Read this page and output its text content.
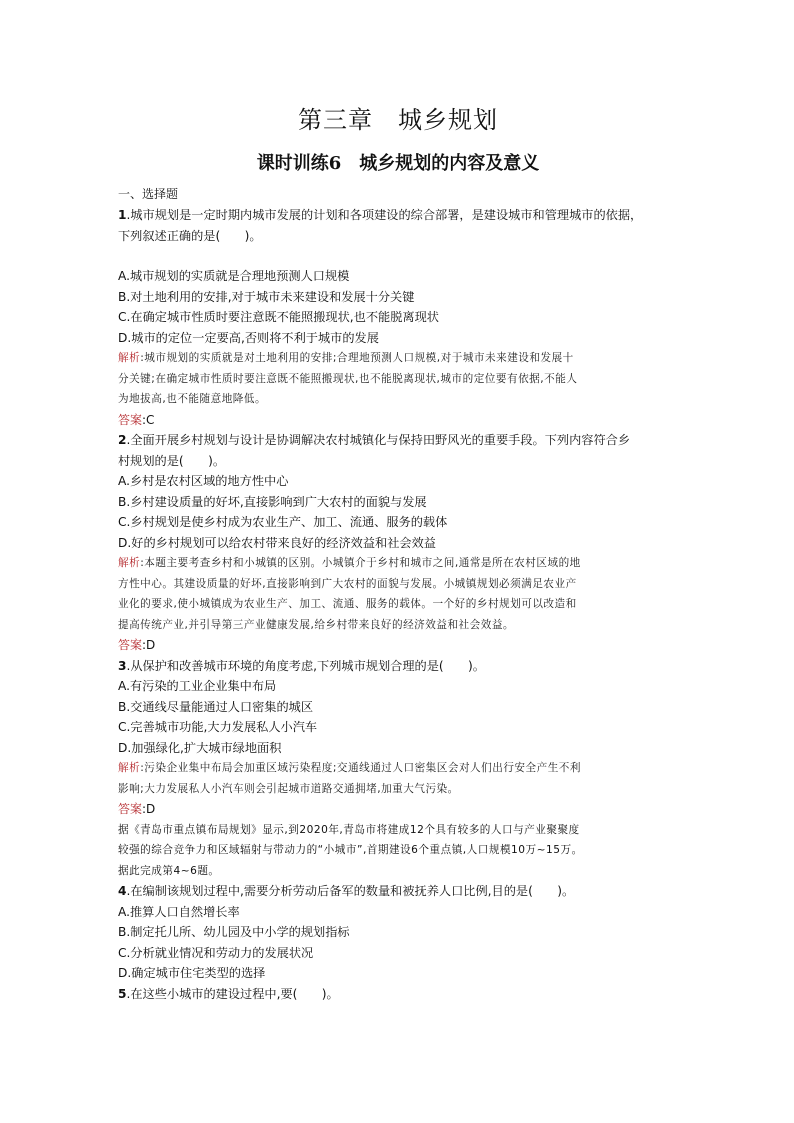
第三章　城乡规划
课时训练6　城乡规划的内容及意义

一、选择题

1.城市规划是一定时期内城市发展的计划和各项建设的综合部署，是建设城市和管理城市的依据，

下列叙述正确的是(　　)。

A.城市规划的实质就是合理地预测人口规模

B.对土地利用的安排,对于城市未来建设和发展十分关键

C.在确定城市性质时要注意既不能照搬现状,也不能脱离现状

D.城市的定位一定要高,否则将不利于城市的发展

解析:城市规划的实质就是对土地利用的安排;合理地预测人口规模,对于城市未来建设和发展十

分关键;在确定城市性质时要注意既不能照搬现状,也不能脱离现状,城市的定位要有依据,不能人

为地拔高,也不能随意地降低。

答案:C

2.全面开展乡村规划与设计是协调解决农村城镇化与保持田野风光的重要手段。下列内容符合乡

村规划的是(　　)。

A.乡村是农村区域的地方性中心

B.乡村建设质量的好坏,直接影响到广大农村的面貌与发展

C.乡村规划是使乡村成为农业生产、加工、流通、服务的载体

D.好的乡村规划可以给农村带来良好的经济效益和社会效益

解析:本题主要考查乡村和小城镇的区别。小城镇介于乡村和城市之间,通常是所在农村区域的地

方性中心。其建设质量的好坏,直接影响到广大农村的面貌与发展。小城镇规划必须满足农业产

业化的要求,使小城镇成为农业生产、加工、流通、服务的载体。一个好的乡村规划可以改造和

提高传统产业,并引导第三产业健康发展,给乡村带来良好的经济效益和社会效益。

答案:D

3.从保护和改善城市环境的角度考虑,下列城市规划合理的是(　　)。

A.有污染的工业企业集中布局

B.交通线尽量能通过人口密集的城区

C.完善城市功能,大力发展私人小汽车

D.加强绿化,扩大城市绿地面积

解析:污染企业集中布局会加重区域污染程度;交通线通过人口密集区会对人们出行安全产生不利

影响;大力发展私人小汽车则会引起城市道路交通拥堵,加重大气污染。

答案:D

据《青岛市重点镇布局规划》显示,到2020年,青岛市将建成12个具有较多的人口与产业聚聚度

较强的综合竞争力和区域辐射与带动力的“小城市”,首期建设6个重点镇,人口规模10万~15万。

据此完成第4~6题。

4.在编制该规划过程中,需要分析劳动后备军的数量和被抚养人口比例,目的是(　　)。

A.推算人口自然增长率

B.制定托儿所、幼儿园及中小学的规划指标

C.分析就业情况和劳动力的发展状况

D.确定城市住宅类型的选择

5.在这些小城市的建设过程中,要(　　)。
